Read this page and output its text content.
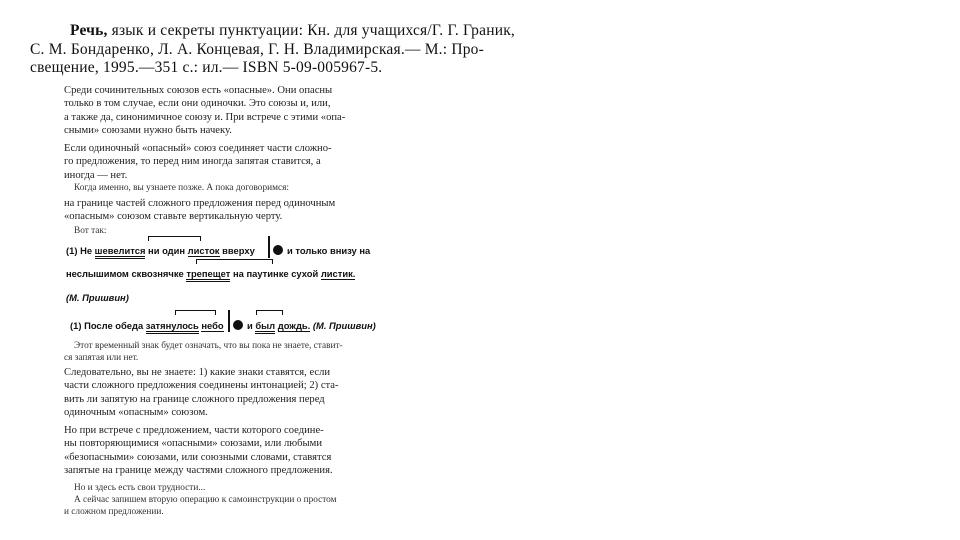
Речь, язык и секреты пунктуации: Кн. для учащихся/Г. Г. Граник,
С. М. Бондаренко, Л. А. Концевая, Г. Н. Владимирская.— М.: Про-
свещение, 1995.—351 с.: ил.— ISBN 5-09-005967-5.
Среди сочинительных союзов есть «опасные». Они опасны
только в том случае, если они одиночки. Это союзы и, или,
а также да, синонимичное союзу и. При встрече с этими «опа-
сными» союзами нужно быть начеку.
Если одиночный «опасный» союз соединяет части сложно-
го предложения, то перед ним иногда запятая ставится, а
иногда — нет.
Когда именно, вы узнаете позже. А пока договоримся:
на границе частей сложного предложения перед одиночным
«опасным» союзом ставьте вертикальную черту.
Вот так:
(1) Не шевелится ни один листок вверху	и только внизу на
неслышимом сквознячке трепещет на паутинке сухой листик.
(М. Пришвин)
(1) После обеда затянулось небо и был дождь. (М. Пришвин)
Этот временный знак будет означать, что вы пока не знаете, ставит-
ся запятая или нет.
Следовательно, вы не знаете: 1) какие знаки ставятся, если
части сложного предложения соединены интонацией; 2) ста-
вить ли запятую на границе сложного предложения перед
одиночным «опасным» союзом.
Но при встрече с предложением, части которого соедине-
ны повторяющимися «опасными» союзами, или любыми
«безопасными» союзами, или союзными словами, ставятся
запятые на границе между частями сложного предложения.
Но и здесь есть свои трудности...
А сейчас запишем вторую операцию к самоинструкции о простом
и сложном предложении.
